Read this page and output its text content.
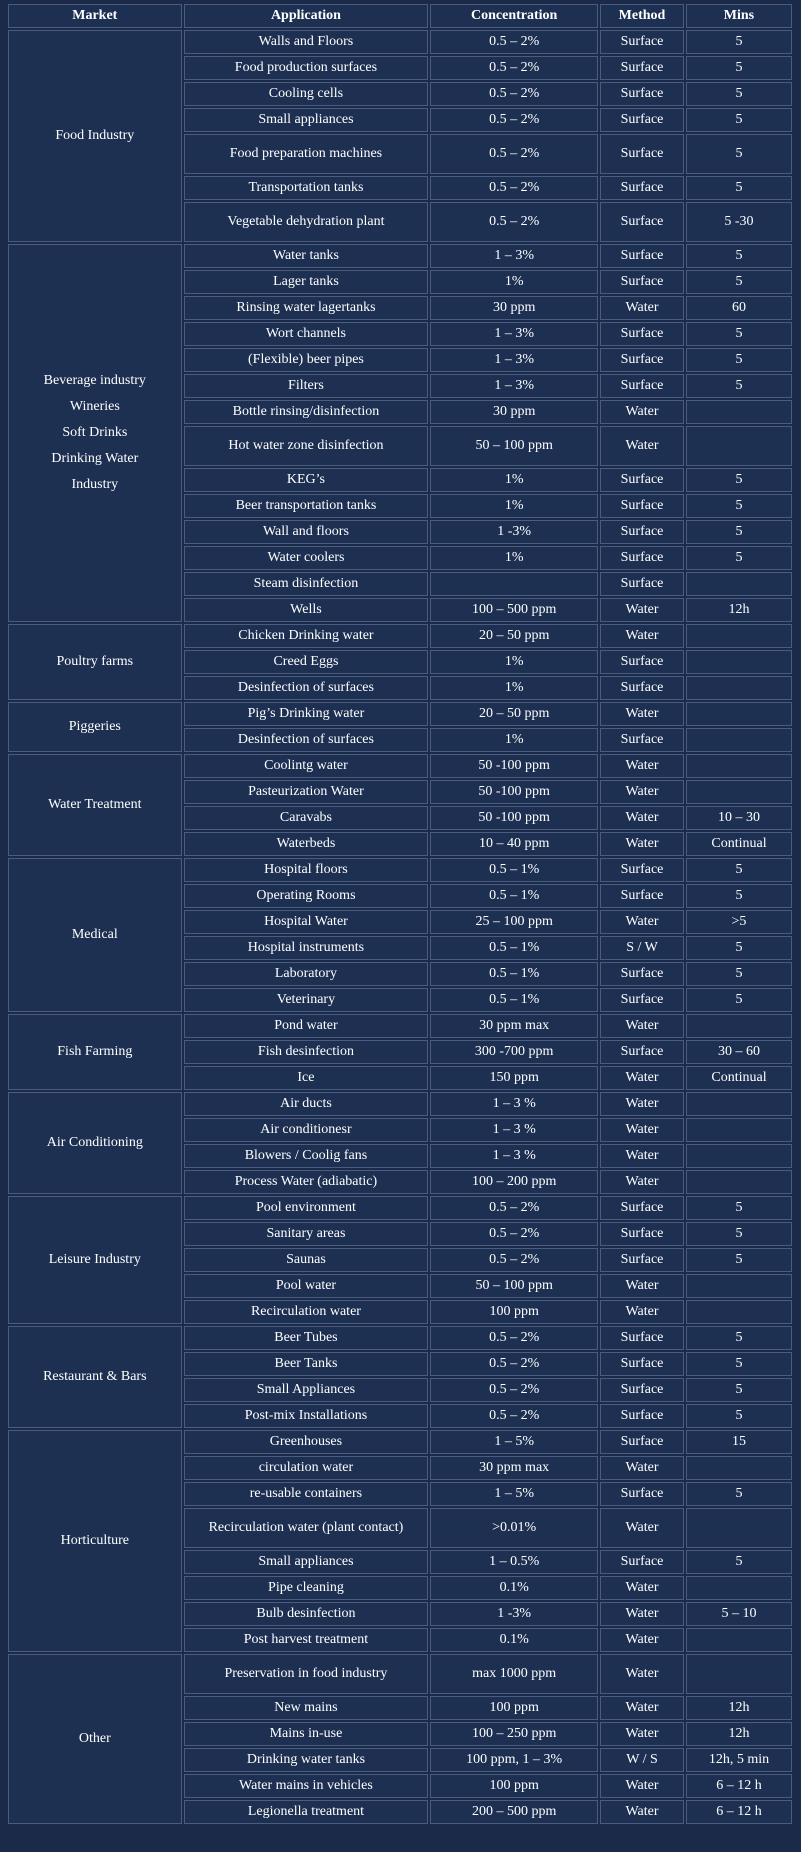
Market	Application	Concentration	Method	Mins

Food Industry	Walls and Floors	0.5 – 2%	Surface	5
	Food production surfaces	0.5 – 2%	Surface	5
	Cooling cells	0.5 – 2%	Surface	5
	Small appliances	0.5 – 2%	Surface	5
	Food preparation machines	0.5 – 2%	Surface	5
	Transportation tanks	0.5 – 2%	Surface	5
	Vegetable dehydration plant	0.5 – 2%	Surface	5 -30

Beverage industry
Wineries
Soft Drinks
Drinking Water
Industry	Water tanks	1 – 3%	Surface	5
	Lager tanks	1%	Surface	5
	Rinsing water lagertanks	30 ppm	Water	60
	Wort channels	1 – 3%	Surface	5
	(Flexible) beer pipes	1 – 3%	Surface	5
	Filters	1 – 3%	Surface	5
	Bottle rinsing/disinfection	30 ppm	Water	
	Hot water zone disinfection	50 – 100 ppm	Water	
	KEG’s	1%	Surface	5
	Beer transportation tanks	1%	Surface	5
	Wall and floors	1 -3%	Surface	5
	Water coolers	1%	Surface	5
	Steam disinfection		Surface	
	Wells	100 – 500 ppm	Water	12h

Poultry farms	Chicken Drinking water	20 – 50 ppm	Water	
	Creed Eggs	1%	Surface	
	Desinfection of surfaces	1%	Surface	

Piggeries	Pig’s Drinking water	20 – 50 ppm	Water	
	Desinfection of surfaces	1%	Surface	

Water Treatment	Coolintg water	50 -100 ppm	Water	
	Pasteurization Water	50 -100 ppm	Water	
	Caravabs	50 -100 ppm	Water	10 – 30
	Waterbeds	10 – 40 ppm	Water	Continual

Medical	Hospital floors	0.5 – 1%	Surface	5
	Operating Rooms	0.5 – 1%	Surface	5
	Hospital Water	25 – 100 ppm	Water	>5
	Hospital instruments	0.5 – 1%	S / W	5
	Laboratory	0.5 – 1%	Surface	5
	Veterinary	0.5 – 1%	Surface	5

Fish Farming	Pond water	30 ppm max	Water	
	Fish desinfection	300 -700 ppm	Surface	30 – 60
	Ice	150 ppm	Water	Continual

Air Conditioning	Air ducts	1 – 3 %	Water	
	Air conditionesr	1 – 3 %	Water	
	Blowers / Coolig fans	1 – 3 %	Water	
	Process Water (adiabatic)	100 – 200 ppm	Water	

Leisure Industry	Pool environment	0.5 – 2%	Surface	5
	Sanitary areas	0.5 – 2%	Surface	5
	Saunas	0.5 – 2%	Surface	5
	Pool water	50 – 100 ppm	Water	
	Recirculation water	100 ppm	Water	

Restaurant & Bars	Beer Tubes	0.5 – 2%	Surface	5
	Beer Tanks	0.5 – 2%	Surface	5
	Small Appliances	0.5 – 2%	Surface	5
	Post-mix Installations	0.5 – 2%	Surface	5

Horticulture	Greenhouses	1 – 5%	Surface	15
	circulation water	30 ppm max	Water	
	re-usable containers	1 – 5%	Surface	5
	Recirculation water (plant contact)	>0.01%	Water	
	Small appliances	1 – 0.5%	Surface	5
	Pipe cleaning	0.1%	Water	
	Bulb desinfection	1 -3%	Water	5 – 10
	Post harvest treatment	0.1%	Water	

Other	Preservation in food industry	max 1000 ppm	Water	
	New mains	100 ppm	Water	12h
	Mains in-use	100 – 250 ppm	Water	12h
	Drinking water tanks	100 ppm, 1 – 3%	W / S	12h, 5 min
	Water mains in vehicles	100 ppm	Water	6 – 12 h
	Legionella treatment	200 – 500 ppm	Water	6 – 12 h
